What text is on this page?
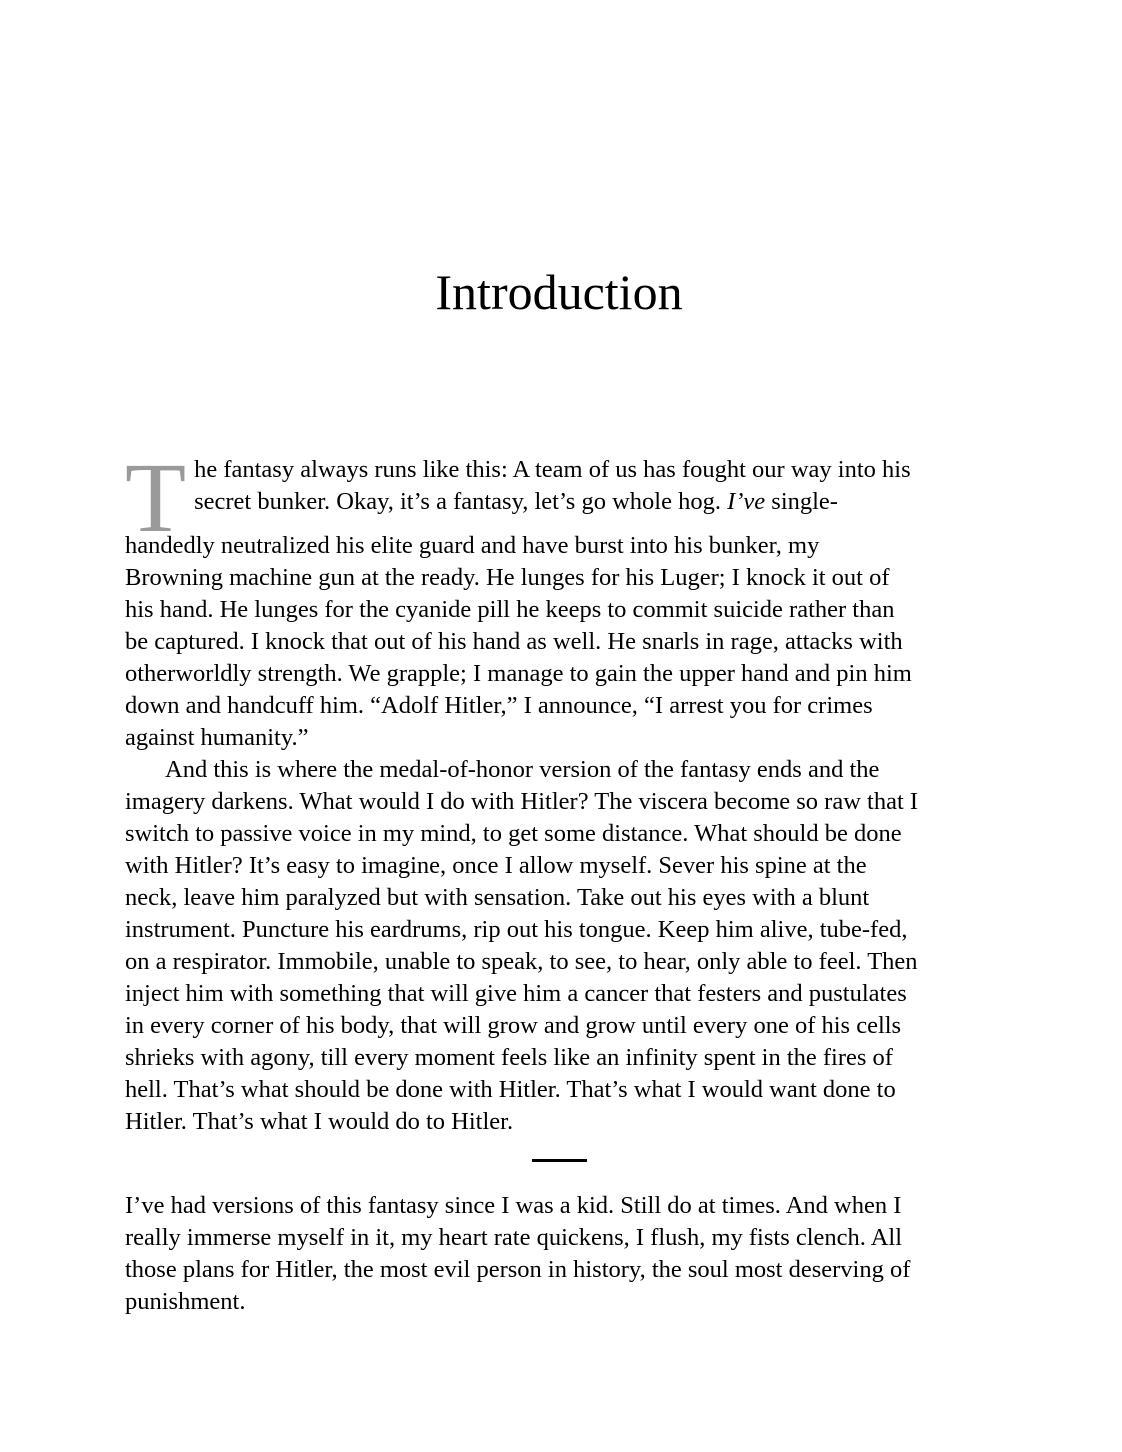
Introduction
T he fantasy always runs like this: A team of us has fought our way into his
secret bunker. Okay, it’s a fantasy, let’s go whole hog. I’ve single-
handedly neutralized his elite guard and have burst into his bunker, my
Browning machine gun at the ready. He lunges for his Luger; I knock it out of
his hand. He lunges for the cyanide pill he keeps to commit suicide rather than
be captured. I knock that out of his hand as well. He snarls in rage, attacks with
otherworldly strength. We grapple; I manage to gain the upper hand and pin him
down and handcuff him. “Adolf Hitler,” I announce, “I arrest you for crimes
against humanity.”
And this is where the medal-of-honor version of the fantasy ends and the
imagery darkens. What would I do with Hitler? The viscera become so raw that I
switch to passive voice in my mind, to get some distance. What should be done
with Hitler? It’s easy to imagine, once I allow myself. Sever his spine at the
neck, leave him paralyzed but with sensation. Take out his eyes with a blunt
instrument. Puncture his eardrums, rip out his tongue. Keep him alive, tube-fed,
on a respirator. Immobile, unable to speak, to see, to hear, only able to feel. Then
inject him with something that will give him a cancer that festers and pustulates
in every corner of his body, that will grow and grow until every one of his cells
shrieks with agony, till every moment feels like an infinity spent in the fires of
hell. That’s what should be done with Hitler. That’s what I would want done to
Hitler. That’s what I would do to Hitler.
I’ve had versions of this fantasy since I was a kid. Still do at times. And when I
really immerse myself in it, my heart rate quickens, I flush, my fists clench. All
those plans for Hitler, the most evil person in history, the soul most deserving of
punishment.
